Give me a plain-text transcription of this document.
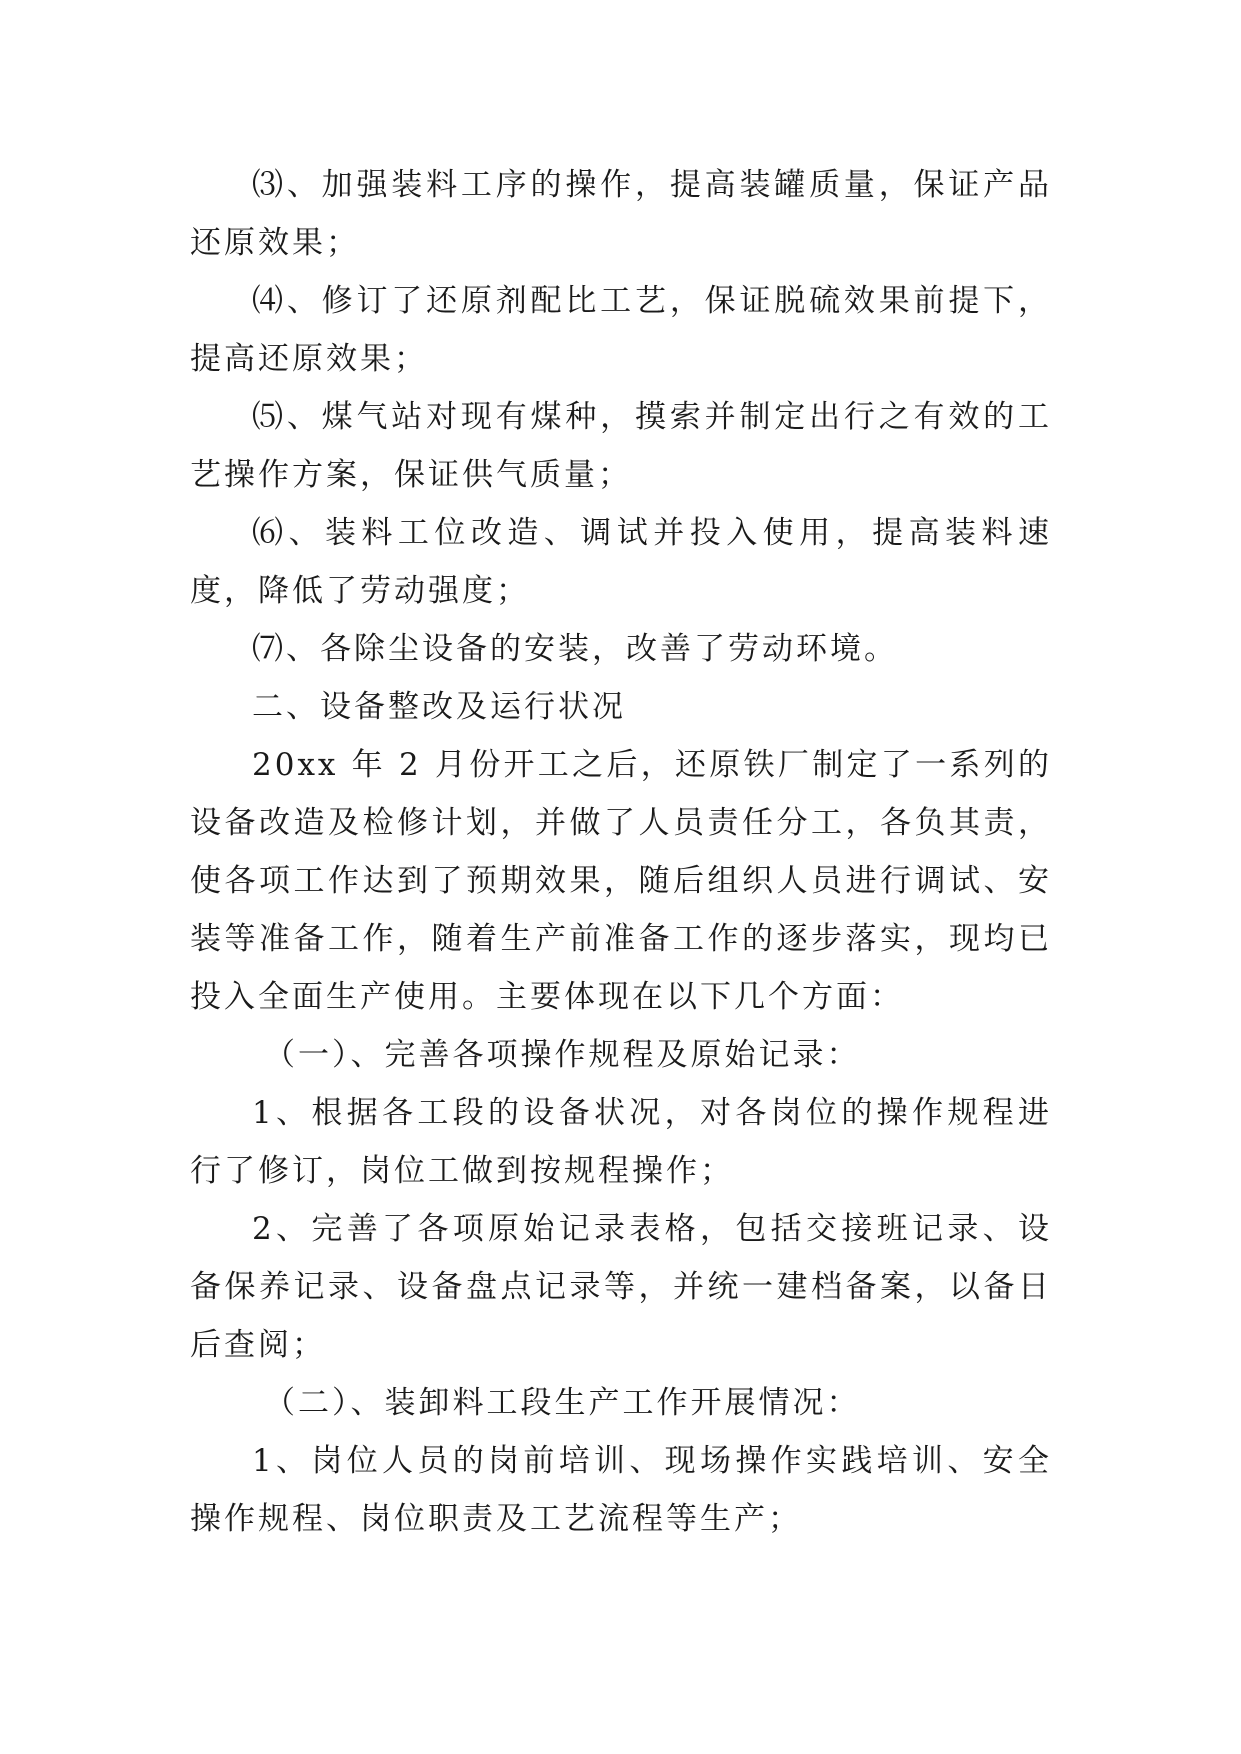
⑶、加强装料工序的操作，提高装罐质量，保证产品还原效果；

⑷、修订了还原剂配比工艺，保证脱硫效果前提下，提高还原效果；

⑸、煤气站对现有煤种，摸索并制定出行之有效的工艺操作方案，保证供气质量；

⑹、装料工位改造、调试并投入使用，提高装料速度，降低了劳动强度；

⑺、各除尘设备的安装，改善了劳动环境。

二、设备整改及运行状况

20xx 年 2 月份开工之后，还原铁厂制定了一系列的设备改造及检修计划，并做了人员责任分工，各负其责，使各项工作达到了预期效果，随后组织人员进行调试、安装等准备工作，随着生产前准备工作的逐步落实，现均已投入全面生产使用。主要体现在以下几个方面：

（一）、完善各项操作规程及原始记录：

1、根据各工段的设备状况，对各岗位的操作规程进行了修订，岗位工做到按规程操作；

2、完善了各项原始记录表格，包括交接班记录、设备保养记录、设备盘点记录等，并统一建档备案，以备日后查阅；

（二）、装卸料工段生产工作开展情况：

1、岗位人员的岗前培训、现场操作实践培训、安全操作规程、岗位职责及工艺流程等生产；
